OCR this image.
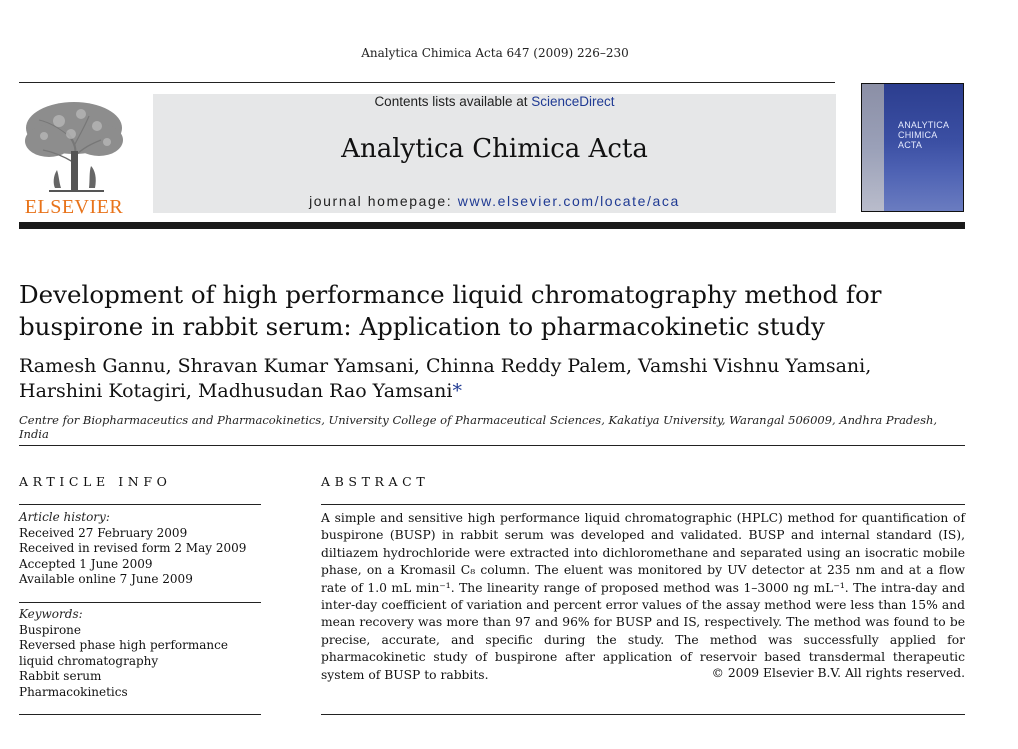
Analytica Chimica Acta 647 (2009) 226–230
ELSEVIER
Contents lists available at ScienceDirect
Analytica Chimica Acta
journal homepage: www.elsevier.com/locate/aca
ANALYTICA
CHIMICA ACTA
Development of high performance liquid chromatography method for buspirone in rabbit serum: Application to pharmacokinetic study
Ramesh Gannu, Shravan Kumar Yamsani, Chinna Reddy Palem, Vamshi Vishnu Yamsani,
Harshini Kotagiri, Madhusudan Rao Yamsani*
Centre for Biopharmaceutics and Pharmacokinetics, University College of Pharmaceutical Sciences, Kakatiya University, Warangal 506009, Andhra Pradesh, India
ARTICLE INFO	ABSTRACT
Article history:
Received 27 February 2009
Received in revised form 2 May 2009
Accepted 1 June 2009
Available online 7 June 2009
Keywords:
Buspirone
Reversed phase high performance liquid chromatography
Rabbit serum
Pharmacokinetics
A simple and sensitive high performance liquid chromatographic (HPLC) method for quantification of buspirone (BUSP) in rabbit serum was developed and validated. BUSP and internal standard (IS), diltiazem hydrochloride were extracted into dichloromethane and separated using an isocratic mobile phase, on a Kromasil C₈ column. The eluent was monitored by UV detector at 235 nm and at a flow rate of 1.0 mL min⁻¹. The linearity range of proposed method was 1–3000 ng mL⁻¹. The intra-day and inter-day coefficient of variation and percent error values of the assay method were less than 15% and mean recovery was more than 97 and 96% for BUSP and IS, respectively. The method was found to be precise, accurate, and specific during the study. The method was successfully applied for pharmacokinetic study of buspirone after application of reservoir based transdermal therapeutic system of BUSP to rabbits.	© 2009 Elsevier B.V. All rights reserved.
